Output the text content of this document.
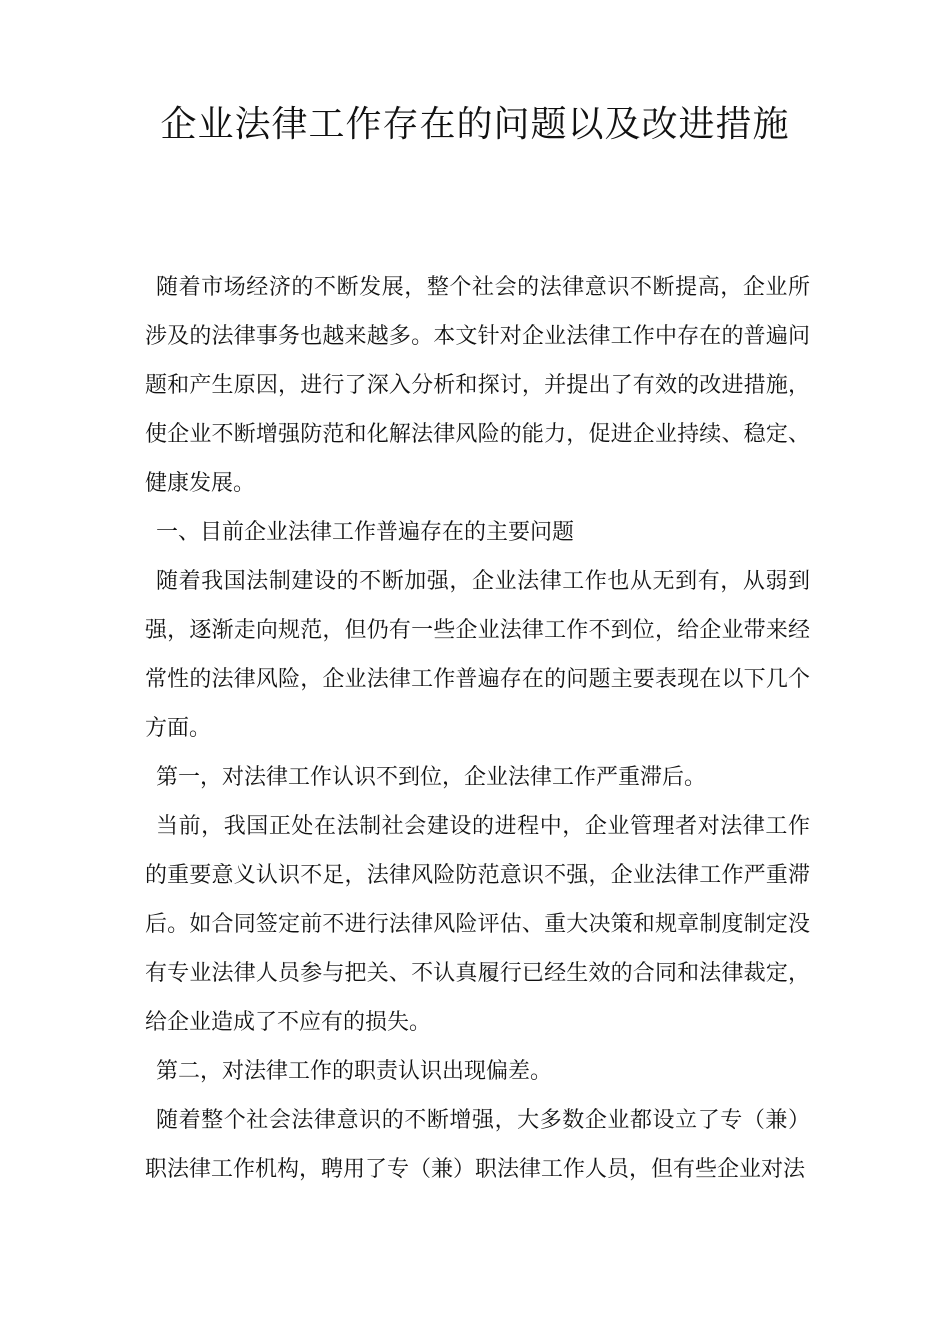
企业法律工作存在的问题以及改进措施

随着市场经济的不断发展，整个社会的法律意识不断提高，企业所涉及的法律事务也越来越多。本文针对企业法律工作中存在的普遍问题和产生原因，进行了深入分析和探讨，并提出了有效的改进措施，使企业不断增强防范和化解法律风险的能力，促进企业持续、稳定、健康发展。

一、目前企业法律工作普遍存在的主要问题

随着我国法制建设的不断加强，企业法律工作也从无到有，从弱到强，逐渐走向规范，但仍有一些企业法律工作不到位，给企业带来经常性的法律风险，企业法律工作普遍存在的问题主要表现在以下几个方面。

第一，对法律工作认识不到位，企业法律工作严重滞后。

当前，我国正处在法制社会建设的进程中，企业管理者对法律工作的重要意义认识不足，法律风险防范意识不强，企业法律工作严重滞后。如合同签定前不进行法律风险评估、重大决策和规章制度制定没有专业法律人员参与把关、不认真履行已经生效的合同和法律裁定，给企业造成了不应有的损失。

第二，对法律工作的职责认识出现偏差。

随着整个社会法律意识的不断增强，大多数企业都设立了专（兼）职法律工作机构，聘用了专（兼）职法律工作人员，但有些企业对法
